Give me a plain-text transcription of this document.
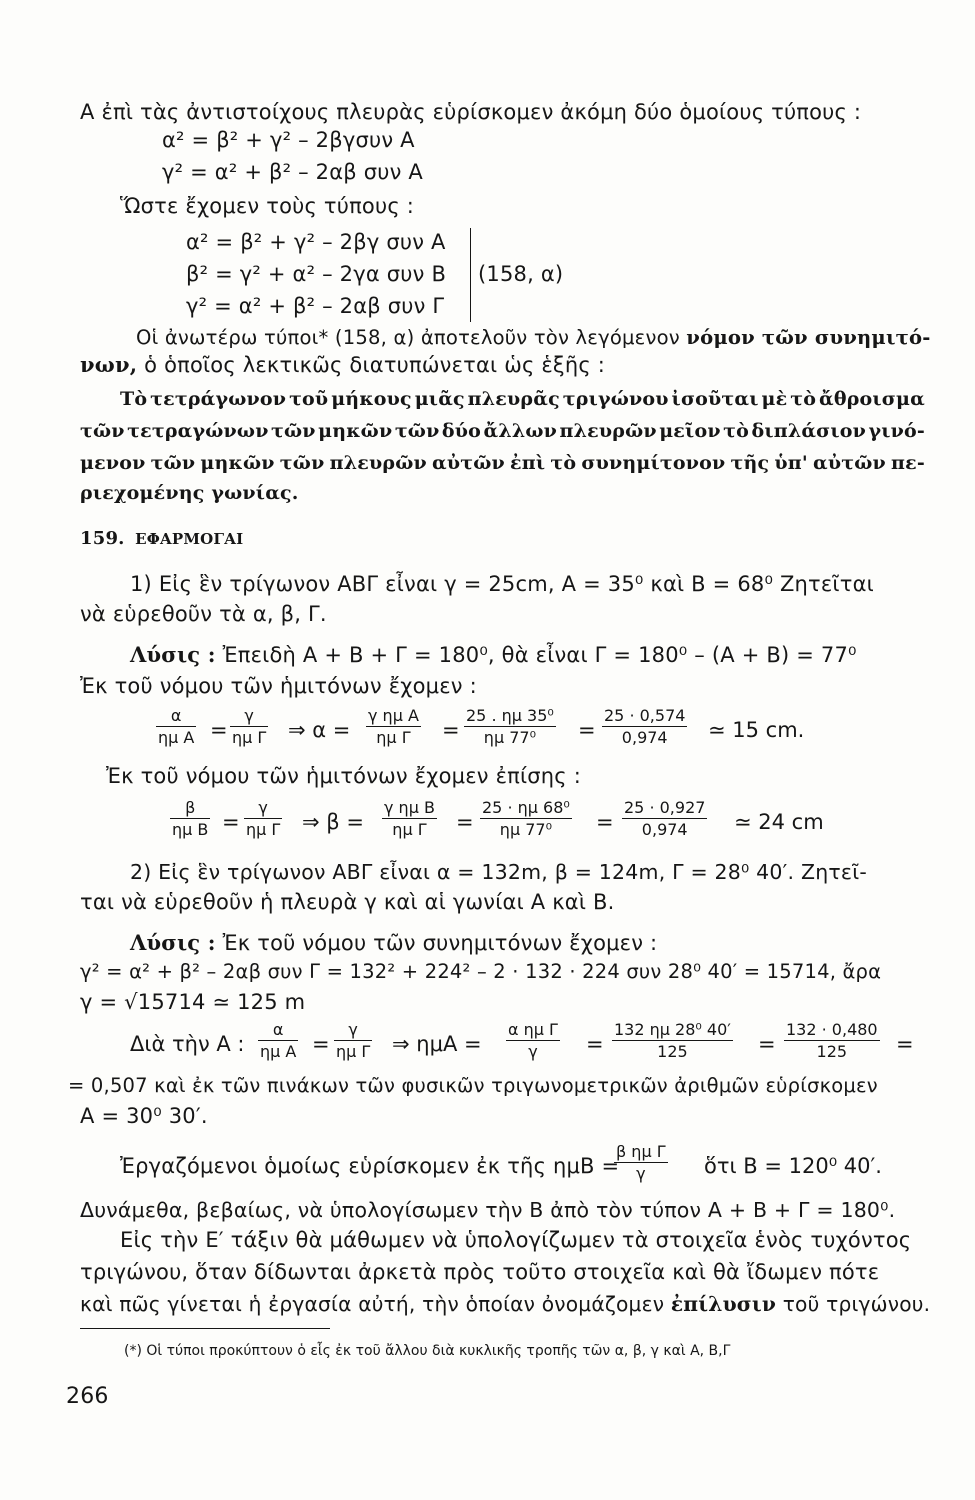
Α ἐπὶ τὰς ἀντιστοίχους πλευρὰς εὑρίσκομεν ἀκόμη δύο ὁμοίους τύπους :
α² = β² + γ² – 2βγσυν Α
γ² = α² + β² – 2αβ συν Α
Ὥστε ἔχομεν τοὺς τύπους :
α² = β² + γ² – 2βγ συν Α
β² = γ² + α² – 2γα συν Β
γ² = α² + β² – 2αβ συν Γ
(158, α)
Οἱ ἀνωτέρω τύποι* (158, α) ἀποτελοῦν τὸν λεγόμενον νόμον τῶν συνημιτό-
νων, ὁ ὁποῖος λεκτικῶς διατυπώνεται ὡς ἑξῆς :
Τὸ τετράγωνον τοῦ μήκους μιᾶς πλευρᾶς τριγώνου ἰσοῦται μὲ τὸ ἄθροισμα
τῶν τετραγώνων τῶν μηκῶν τῶν δύο ἄλλων πλευρῶν μεῖον τὸ διπλάσιον γινό-
μενον τῶν μηκῶν τῶν πλευρῶν αὐτῶν ἐπὶ τὸ συνημίτονον τῆς ὑπ' αὐτῶν πε-
ριεχομένης γωνίας.
159. ΕΦΑΡΜΟΓΑΙ
1) Εἰς ἓν τρίγωνον ΑΒΓ εἶναι γ = 25cm, Α = 35⁰ καὶ Β = 68⁰ Ζητεῖται
νὰ εὑρεθοῦν τὰ α, β, Γ.
Λύσις : Ἐπειδὴ Α + Β + Γ = 180⁰, θὰ εἶναι Γ = 180⁰ – (Α + Β) = 77⁰
Ἐκ τοῦ νόμου τῶν ἡμιτόνων ἔχομεν :
$\frac{\alpha}{\text{ημ Α}} = \frac{\gamma}{\text{ημ Γ}}$ ⇒ $\alpha = \frac{\text{γ ημ Α}}{\text{ημ Γ}} = \frac{\text{25 . ημ 35⁰}}{\text{ημ 77⁰}} = \frac{25 \cdot 0,574}{0,974}$ ≃ 15 cm.
Ἐκ τοῦ νόμου τῶν ἡμιτόνων ἔχομεν ἐπίσης :
$\frac{\beta}{\text{ημ Β}} = \frac{\gamma}{\text{ημ Γ}}$ ⇒ $\beta = \frac{\text{γ ημ Β}}{\text{ημ Γ}} = \frac{\text{25 · ημ 68⁰}}{\text{ημ 77⁰}} = \frac{25 \cdot 0,927}{0,974}$ ≃ 24 cm
2) Εἰς ἓν τρίγωνον ΑΒΓ εἶναι α = 132m, β = 124m, Γ = 28⁰ 40′. Ζητεῖ-
ται νὰ εὑρεθοῦν ἡ πλευρὰ γ καὶ αἱ γωνίαι Α καὶ Β.
Λύσις : Ἐκ τοῦ νόμου τῶν συνημιτόνων ἔχομεν :
γ² = α² + β² – 2αβ συν Γ = 132² + 224² – 2 · 132 · 224 συν 28⁰ 40′ = 15714, ἄρα
γ = √15714 ≃ 125 m
Διὰ τὴν Α : $\frac{\alpha}{\text{ημ Α}} = \frac{\gamma}{\text{ημ Γ}}$ ⇒ $\eta\mu A = \frac{\text{α ημ Γ}}{\gamma} = \frac{\text{132 ημ 28⁰ 40′}}{125} = \frac{132 \cdot 0,480}{125}$ =
= 0,507 καὶ ἐκ τῶν πινάκων τῶν φυσικῶν τριγωνομετρικῶν ἀριθμῶν εὑρίσκομεν
Α = 30⁰ 30′.
Ἐργαζόμενοι ὁμοίως εὑρίσκομεν ἐκ τῆς ημΒ =
$\frac{\text{β ημ Γ}}{\gamma}$ ὅτι Β = 120⁰ 40′.
Δυνάμεθα, βεβαίως, νὰ ὑπολογίσωμεν τὴν Β ἀπὸ τὸν τύπον Α + Β + Γ = 180⁰.
Εἰς τὴν Ε′ τάξιν θὰ μάθωμεν νὰ ὑπολογίζωμεν τὰ στοιχεῖα ἑνὸς τυχόντος
τριγώνου, ὅταν δίδωνται ἀρκετὰ πρὸς τοῦτο στοιχεῖα καὶ θὰ ἴδωμεν πότε
καὶ πῶς γίνεται ἡ ἐργασία αὐτή, τὴν ὁποίαν ὀνομάζομεν ἐπίλυσιν τοῦ τριγώνου.
(*) Οἱ τύποι προκύπτουν ὁ εἷς ἐκ τοῦ ἄλλου διὰ κυκλικῆς τροπῆς τῶν α, β, γ καὶ Α, Β,Γ
266
